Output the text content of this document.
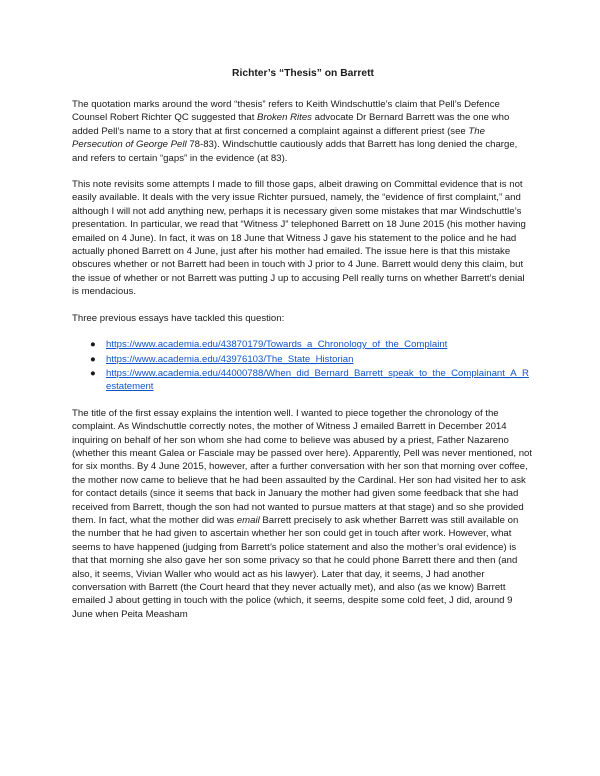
Richter’s “Thesis” on Barrett

The quotation marks around the word “thesis” refers to Keith Windschuttle’s claim that Pell’s Defence Counsel Robert Richter QC suggested that Broken Rites advocate Dr Bernard Barrett was the one who added Pell’s name to a story that at first concerned a complaint against a different priest (see The Persecution of George Pell 78-83). Windschuttle cautiously adds that Barrett has long denied the charge, and refers to certain “gaps” in the evidence (at 83).

This note revisits some attempts I made to fill those gaps, albeit drawing on Committal evidence that is not easily available. It deals with the very issue Richter pursued, namely, the “evidence of first complaint,” and although I will not add anything new, perhaps it is necessary given some mistakes that mar Windschuttle’s presentation. In particular, we read that “Witness J” telephoned Barrett on 18 June 2015 (his mother having emailed on 4 June). In fact, it was on 18 June that Witness J gave his statement to the police and he had actually phoned Barrett on 4 June, just after his mother had emailed. The issue here is that this mistake obscures whether or not Barrett had been in touch with J prior to 4 June. Barrett would deny this claim, but the issue of whether or not Barrett was putting J up to accusing Pell really turns on whether Barrett’s denial is mendacious.

Three previous essays have tackled this question:

● https://www.academia.edu/43870179/Towards_a_Chronology_of_the_Complaint
● https://www.academia.edu/43976103/The_State_Historian
● https://www.academia.edu/44000788/When_did_Bernard_Barrett_speak_to_the_Complainant_A_Restatement

The title of the first essay explains the intention well. I wanted to piece together the chronology of the complaint. As Windschuttle correctly notes, the mother of Witness J emailed Barrett in December 2014 inquiring on behalf of her son whom she had come to believe was abused by a priest, Father Nazareno (whether this meant Galea or Fasciale may be passed over here). Apparently, Pell was never mentioned, not for six months. By 4 June 2015, however, after a further conversation with her son that morning over coffee, the mother now came to believe that he had been assaulted by the Cardinal. Her son had visited her to ask for contact details (since it seems that back in January the mother had given some feedback that she had received from Barrett, though the son had not wanted to pursue matters at that stage) and so she provided them. In fact, what the mother did was email Barrett precisely to ask whether Barrett was still available on the number that he had given to ascertain whether her son could get in touch after work. However, what seems to have happened (judging from Barrett’s police statement and also the mother’s oral evidence) is that that morning she also gave her son some privacy so that he could phone Barrett there and then (and also, it seems, Vivian Waller who would act as his lawyer). Later that day, it seems, J had another conversation with Barrett (the Court heard that they never actually met), and also (as we know) Barrett emailed J about getting in touch with the police (which, it seems, despite some cold feet, J did, around 9 June when Peita Measham
